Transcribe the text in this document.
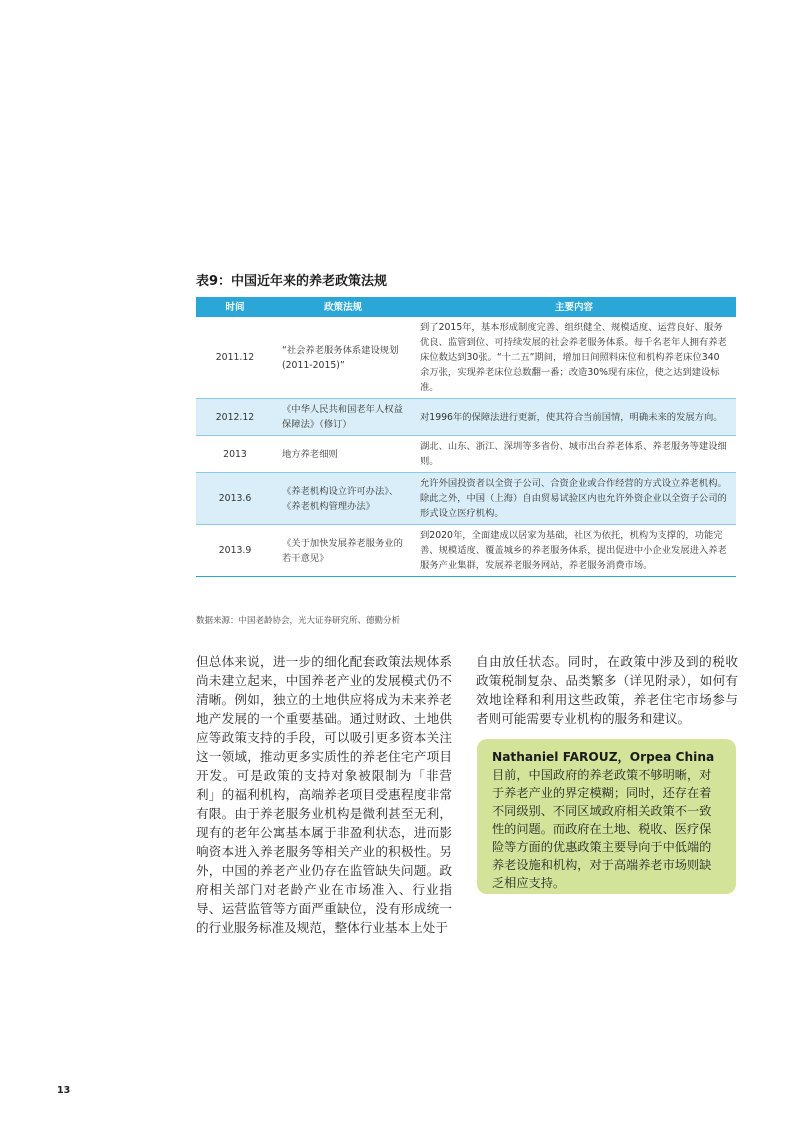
表9：中国近年来的养老政策法规
时间	政策法规	主要内容
2011.12	“社会养老服务体系建设规划(2011-2015)”	到了2015年，基本形成制度完善、组织健全、规模适度、运营良好、服务优良、监管到位、可持续发展的社会养老服务体系。每千名老年人拥有养老床位数达到30张。“十二五”期间，增加日间照料床位和机构养老床位340余万张，实现养老床位总数翻一番；改造30%现有床位，使之达到建设标准。
2012.12	《中华人民共和国老年人权益保障法》（修订）	对1996年的保障法进行更新，使其符合当前国情，明确未来的发展方向。
2013	地方养老细则	湖北、山东、浙江、深圳等多省份、城市出台养老体系、养老服务等建设细则。
2013.6	《养老机构设立许可办法》、《养老机构管理办法》	允许外国投资者以全资子公司、合资企业或合作经营的方式设立养老机构。除此之外，中国（上海）自由贸易试验区内也允许外资企业以全资子公司的形式设立医疗机构。
2013.9	《关于加快发展养老服务业的若干意见》	到2020年，全面建成以居家为基础，社区为依托，机构为支撑的，功能完善、规模适度、覆盖城乡的养老服务体系，提出促进中小企业发展进入养老服务产业集群，发展养老服务网站，养老服务消费市场。
数据来源：中国老龄协会，光大证券研究所、德勤分析

但总体来说，进一步的细化配套政策法规体系尚未建立起来，中国养老产业的发展模式仍不清晰。例如，独立的土地供应将成为未来养老地产发展的一个重要基础。通过财政、土地供应等政策支持的手段，可以吸引更多资本关注这一领域，推动更多实质性的养老住宅产项目开发。可是政策的支持对象被限制为「非营利」的福利机构，高端养老项目受惠程度非常有限。由于养老服务业机构是微利甚至无利，现有的老年公寓基本属于非盈利状态，进而影响资本进入养老服务等相关产业的积极性。另外，中国的养老产业仍存在监管缺失问题。政府相关部门对老龄产业在市场准入、行业指导、运营监管等方面严重缺位，没有形成统一的行业服务标准及规范，整体行业基本上处于

自由放任状态。同时，在政策中涉及到的税收政策税制复杂、品类繁多（详见附录），如何有效地诠释和利用这些政策，养老住宅市场参与者则可能需要专业机构的服务和建议。

Nathaniel FAROUZ，Orpea China

目前，中国政府的养老政策不够明晰，对于养老产业的界定模糊；同时，还存在着不同级别、不同区域政府相关政策不一致性的问题。而政府在土地、税收、医疗保险等方面的优惠政策主要导向于中低端的养老设施和机构，对于高端养老市场则缺乏相应支持。

13
